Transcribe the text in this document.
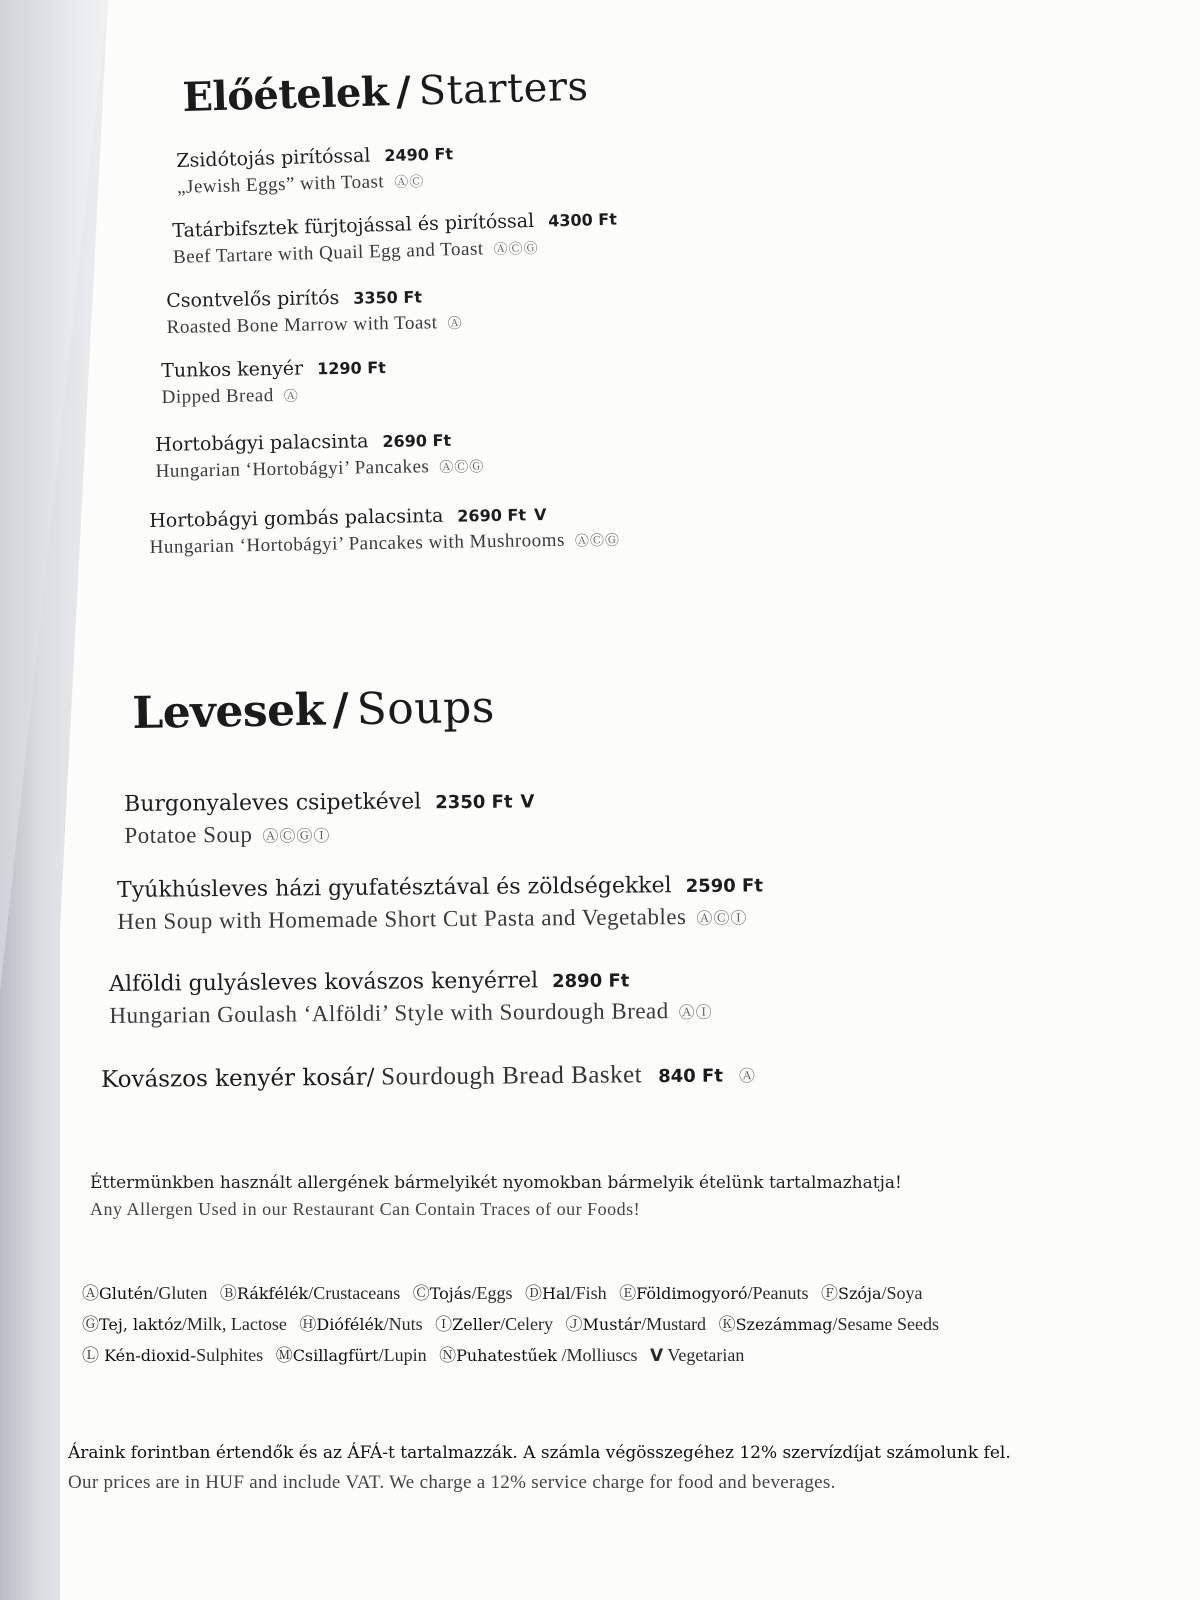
Előételek / Starters
Zsidótojás pirítóssal 2490 Ft
„Jewish Eggs” with Toast ⒶⒸ
Tatárbifsztek fürjtojással és pirítóssal 4300 Ft
Beef Tartare with Quail Egg and Toast ⒶⒸⒼ
Csontvelős pirítós 3350 Ft
Roasted Bone Marrow with Toast Ⓐ
Tunkos kenyér 1290 Ft
Dipped Bread Ⓐ
Hortobágyi palacsinta 2690 Ft
Hungarian ‘Hortobágyi’ Pancakes ⒶⒸⒼ
Hortobágyi gombás palacsinta 2690 Ft V
Hungarian ‘Hortobágyi’ Pancakes with Mushrooms ⒶⒸⒼ
Levesek / Soups
Burgonyaleves csipetkével 2350 Ft V
Potatoe Soup ⒶⒸⒼⒾ
Tyúkhúsleves házi gyufatésztával és zöldségekkel 2590 Ft
Hen Soup with Homemade Short Cut Pasta and Vegetables ⒶⒸⒾ
Alföldi gulyásleves kovászos kenyérrel 2890 Ft
Hungarian Goulash ‘Alföldi’ Style with Sourdough Bread ⒶⒾ
Kovászos kenyér kosár/ Sourdough Bread Basket 840 Ft Ⓐ
Éttermünkben használt allergének bármelyikét nyomokban bármelyik ételünk tartalmazhatja!
Any Allergen Used in our Restaurant Can Contain Traces of our Foods!
ⒶGlutén/Gluten ⒷRákfélék/Crustaceans ⒸTojás/Eggs ⒹHal/Fish ⒺFöldimogyoró/Peanuts ⒻSzója/Soya
ⒼTej, laktóz/Milk, Lactose ⒽDiófélék/Nuts ⒾZeller/Celery ⒿMustár/Mustard ⓀSzezámmag/Sesame Seeds
Ⓛ Kén-dioxid-Sulphites ⓂCsillagfürt/Lupin ⓃPuhatestűek /Molliuscs V Vegetarian
Áraink forintban értendők és az ÁFÁ-t tartalmazzák. A számla végösszegéhez 12% szervízdíjat számolunk fel.
Our prices are in HUF and include VAT. We charge a 12% service charge for food and beverages.
